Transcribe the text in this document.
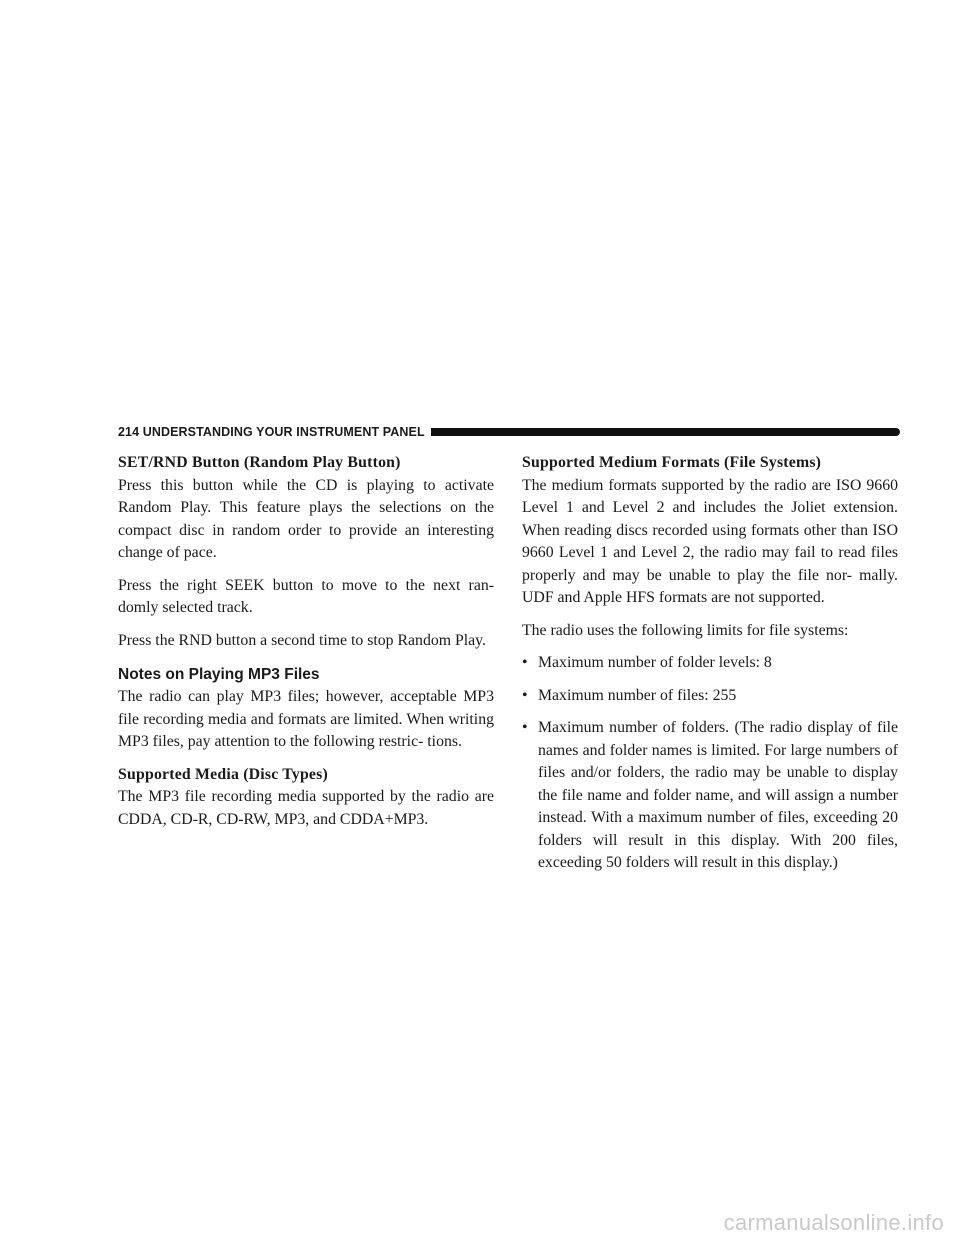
214 UNDERSTANDING YOUR INSTRUMENT PANEL

SET/RND Button (Random Play Button)

Press this button while the CD is playing to activate Random Play. This feature plays the selections on the compact disc in random order to provide an interesting change of pace.

Press the right SEEK button to move to the next ran- domly selected track.

Press the RND button a second time to stop Random Play.

Notes on Playing MP3 Files

The radio can play MP3 files; however, acceptable MP3 file recording media and formats are limited. When writing MP3 files, pay attention to the following restric- tions.

Supported Media (Disc Types)

The MP3 file recording media supported by the radio are CDDA, CD-R, CD-RW, MP3, and CDDA+MP3.

Supported Medium Formats (File Systems)

The medium formats supported by the radio are ISO 9660 Level 1 and Level 2 and includes the Joliet extension. When reading discs recorded using formats other than ISO 9660 Level 1 and Level 2, the radio may fail to read files properly and may be unable to play the file nor- mally. UDF and Apple HFS formats are not supported.

The radio uses the following limits for file systems:

• Maximum number of folder levels: 8
• Maximum number of files: 255
• Maximum number of folders. (The radio display of file names and folder names is limited. For large numbers of files and/or folders, the radio may be unable to display the file name and folder name, and will assign a number instead. With a maximum number of files, exceeding 20 folders will result in this display. With 200 files, exceeding 50 folders will result in this display.)
carmanualsonline.info
